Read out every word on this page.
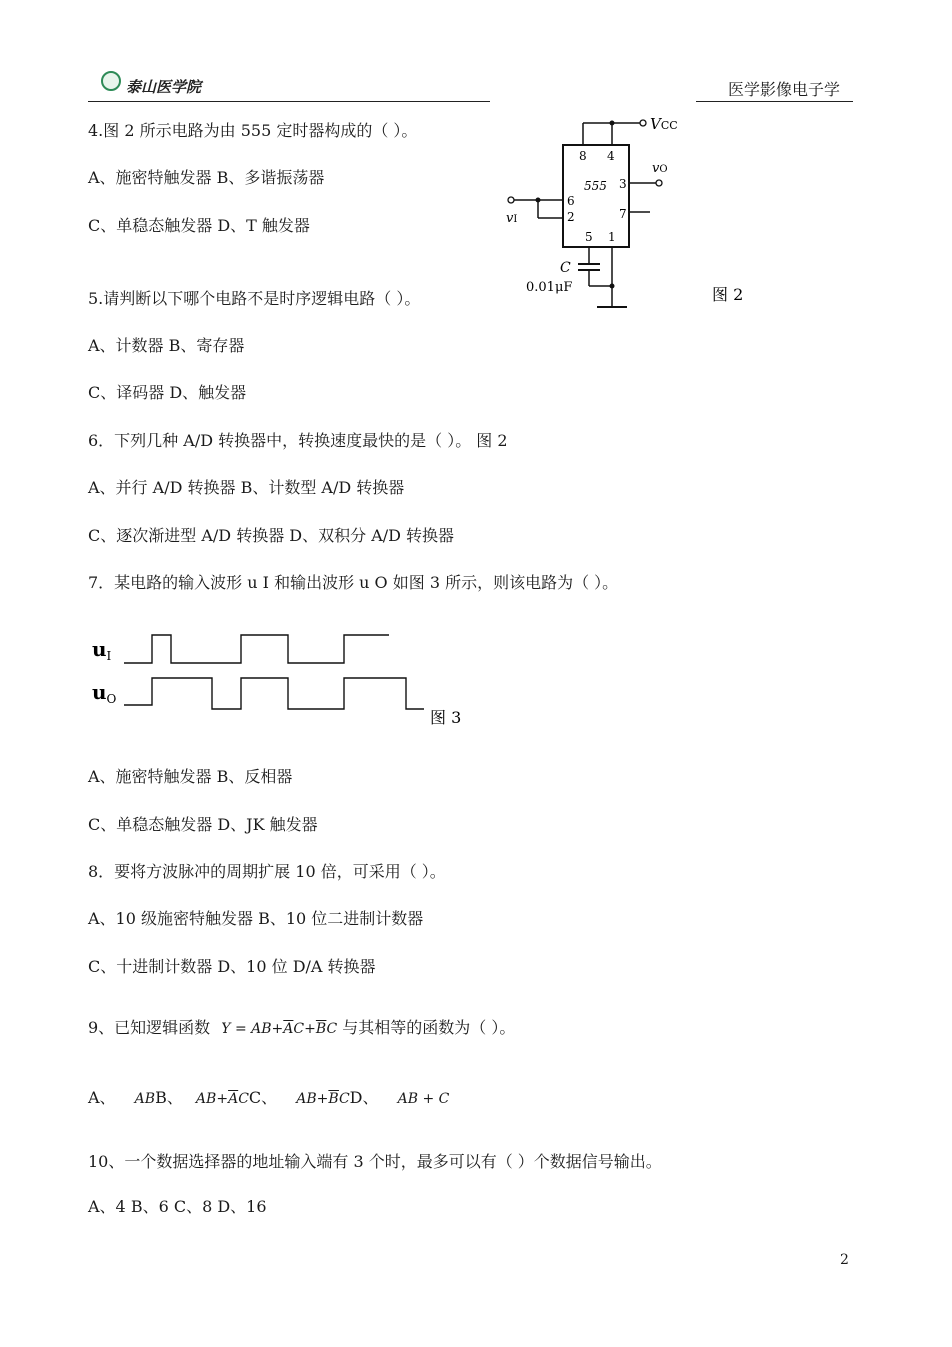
泰山医学院	医学影像电子学
4.图 2 所示电路为由 555 定时器构成的（ ）。
A、施密特触发器 B、多谐振荡器
C、单稳态触发器 D、T 触发器
5.请判断以下哪个电路不是时序逻辑电路（ ）。
A、计数器 B、寄存器
C、译码器 D、触发器
6．下列几种 A/D 转换器中，转换速度最快的是（ ）。 图 2
A、并行 A/D 转换器 B、计数型 A/D 转换器
C、逐次渐进型 A/D 转换器 D、双积分 A/D 转换器
7．某电路的输入波形 u I 和输出波形 u O 如图 3 所示，则该电路为（ ）。
A、施密特触发器 B、反相器
C、单稳态触发器 D、JK 触发器
8．要将方波脉冲的周期扩展 10 倍，可采用（ ）。
A、10 级施密特触发器 B、10 位二进制计数器
C、十进制计数器 D、10 位 D/A 转换器
9、已知逻辑函数 $Y = AB+\overline{A}C+\overline{B}C$ 与其相等的函数为（ ）。
A、 ABB、 $AB+\overline{A}CC$、 $AB+\overline{B}CD$、 AB + C
10、一个数据选择器的地址输入端有 3 个时，最多可以有（ ）个数据信号输出。
A、4 B、6 C、8 D、16
VCC
8 4
555 3
7
6
2
5 1
vO
vI
C
0.01μF	图 2
$u_I$
$u_O$
图 3
2
